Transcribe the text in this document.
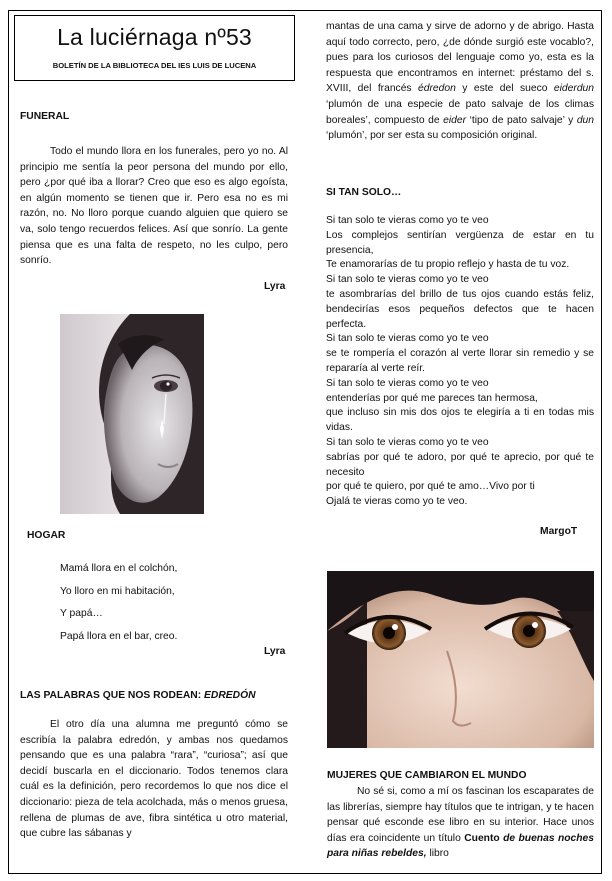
La luciérnaga nº53
BOLETÍN DE LA BIBLIOTECA DEL IES LUIS DE LUCENA
FUNERAL

Todo el mundo llora en los funerales, pero yo no. Al principio me sentía la peor persona del mundo por ello, pero ¿por qué iba a llorar? Creo que eso es algo egoísta, en algún momento se tienen que ir. Pero esa no es mi razón, no. No lloro porque cuando alguien que quiero se va, solo tengo recuerdos felices. Así que sonrío. La gente piensa que es una falta de respeto, no les culpo, pero sonrío.

Lyra
HOGAR
Mamá llora en el colchón,
Yo lloro en mi habitación,
Y papá…
Papá llora en el bar, creo.
Lyra
LAS PALABRAS QUE NOS RODEAN: EDREDÓN

El otro día una alumna me preguntó cómo se escribía la palabra edredón, y ambas nos quedamos pensando que es una palabra “rara”, “curiosa”; así que decidí buscarla en el diccionario. Todos tenemos clara cuál es la definición, pero recordemos lo que nos dice el diccionario: pieza de tela acolchada, más o menos gruesa, rellena de plumas de ave, fibra sintética u otro material, que cubre las sábanas y

mantas de una cama y sirve de adorno y de abrigo. Hasta aquí todo correcto, pero, ¿de dónde surgió este vocablo?, pues para los curiosos del lenguaje como yo, esta es la respuesta que encontramos en internet: préstamo del s. XVIII, del francés édredon y este del sueco eiderdun ‘plumón de una especie de pato salvaje de los climas boreales’, compuesto de eider ‘tipo de pato salvaje’ y dun ‘plumón’, por ser esta su composición original.

SI TAN SOLO…

Si tan solo te vieras como yo te veo

Los complejos sentirían vergüenza de estar en tu presencia,

Te enamorarías de tu propio reflejo y hasta de tu voz.

Si tan solo te vieras como yo te veo

te asombrarías del brillo de tus ojos cuando estás feliz, bendecirías esos pequeños defectos que te hacen perfecta.

Si tan solo te vieras como yo te veo

se te rompería el corazón al verte llorar sin remedio y se repararía al verte reír.

Si tan solo te vieras como yo te veo

entenderías por qué me pareces tan hermosa,

que incluso sin mis dos ojos te elegiría a ti en todas mis vidas.

Si tan solo te vieras como yo te veo

sabrías por qué te adoro, por qué te aprecio, por qué te necesito

por qué te quiero, por qué te amo…Vivo por ti

Ojalá te vieras como yo te veo.

MargoT
MUJERES QUE CAMBIARON EL MUNDO

No sé si, como a mí os fascinan los escaparates de las librerías, siempre hay títulos que te intrigan, y te hacen pensar qué esconde ese libro en su interior. Hace unos días era coincidente un título Cuento de buenas noches para niñas rebeldes, libro
